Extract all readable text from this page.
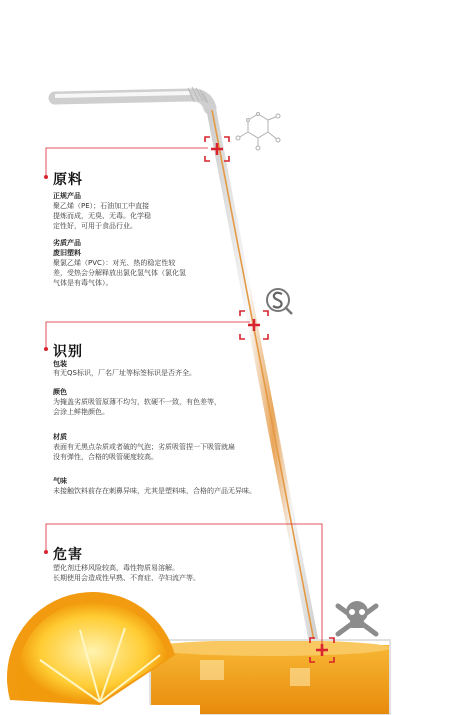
原料
正规产品
聚乙烯（PE）；石油加工中直接
提炼而成，无臭、无毒。化学稳
定性好，可用于食品行业。
劣质产品
废旧塑料
聚氯乙烯（PVC）：对光、热的稳定性较
差，受热会分解释放出氯化氢气体（氯化氢
气体是有毒气体）。
识别
包装
有无QS标识，厂名厂址等标签标识是否齐全。
颜色
为掩盖劣质吸管原薄不均匀，软硬不一致，有色差等，
会涂上鲜艳颜色。
材质
表面有无黑点杂质或者破的气泡；劣质吸管捏一下吸管就扁
没有弹性，合格的吸管硬度较高。
气味
未接触饮料前存在刺鼻异味，尤其是塑料味，合格的产品无异味。
危害
塑化剂迁移风险较高，毒性物质易溶解。
长期使用会造成性早熟、不育症、孕妇流产等。
